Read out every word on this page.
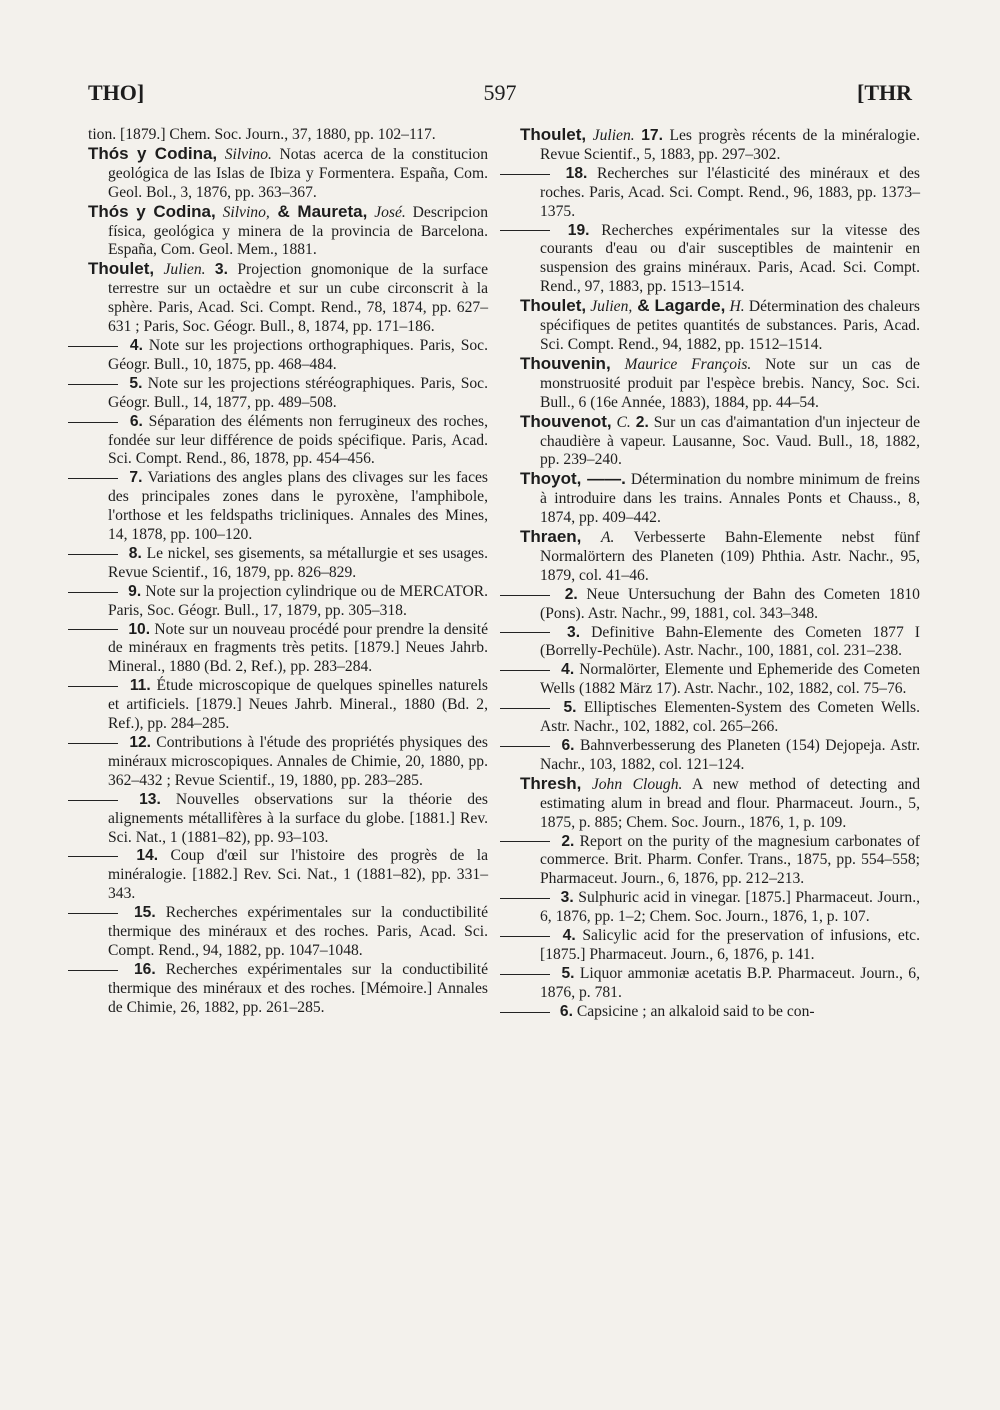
THO]	597	[THR

tion. [1879.] Chem. Soc. Journ., 37, 1880, pp. 102–117.

Thós y Codina, Silvino. Notas acerca de la constitucion geológica de las Islas de Ibiza y Formentera. España, Com. Geol. Bol., 3, 1876, pp. 363–367.

Thós y Codina, Silvino, & Maureta, José. Descripcion física, geológica y minera de la provincia de Barcelona. España, Com. Geol. Mem., 1881.

Thoulet, Julien. 3. Projection gnomonique de la surface terrestre sur un octaèdre et sur un cube circonscrit à la sphère. Paris, Acad. Sci. Compt. Rend., 78, 1874, pp. 627–631 ; Paris, Soc. Géogr. Bull., 8, 1874, pp. 171–186.

4. Note sur les projections orthographiques. Paris, Soc. Géogr. Bull., 10, 1875, pp. 468–484.

5. Note sur les projections stéréographiques. Paris, Soc. Géogr. Bull., 14, 1877, pp. 489–508.

6. Séparation des éléments non ferrugineux des roches, fondée sur leur différence de poids spécifique. Paris, Acad. Sci. Compt. Rend., 86, 1878, pp. 454–456.

7. Variations des angles plans des clivages sur les faces des principales zones dans le pyroxène, l'amphibole, l'orthose et les feldspaths tricliniques. Annales des Mines, 14, 1878, pp. 100–120.

8. Le nickel, ses gisements, sa métallurgie et ses usages. Revue Scientif., 16, 1879, pp. 826–829.

9. Note sur la projection cylindrique ou de MERCATOR. Paris, Soc. Géogr. Bull., 17, 1879, pp. 305–318.

10. Note sur un nouveau procédé pour prendre la densité de minéraux en fragments très petits. [1879.] Neues Jahrb. Mineral., 1880 (Bd. 2, Ref.), pp. 283–284.

11. Étude microscopique de quelques spinelles naturels et artificiels. [1879.] Neues Jahrb. Mineral., 1880 (Bd. 2, Ref.), pp. 284–285.

12. Contributions à l'étude des propriétés physiques des minéraux microscopiques. Annales de Chimie, 20, 1880, pp. 362–432 ; Revue Scientif., 19, 1880, pp. 283–285.

13. Nouvelles observations sur la théorie des alignements métallifères à la surface du globe. [1881.] Rev. Sci. Nat., 1 (1881–82), pp. 93–103.

14. Coup d'œil sur l'histoire des progrès de la minéralogie. [1882.] Rev. Sci. Nat., 1 (1881–82), pp. 331–343.

15. Recherches expérimentales sur la conductibilité thermique des minéraux et des roches. Paris, Acad. Sci. Compt. Rend., 94, 1882, pp. 1047–1048.

16. Recherches expérimentales sur la conductibilité thermique des minéraux et des roches. [Mémoire.] Annales de Chimie, 26, 1882, pp. 261–285.

Thoulet, Julien. 17. Les progrès récents de la minéralogie. Revue Scientif., 5, 1883, pp. 297–302.

18. Recherches sur l'élasticité des minéraux et des roches. Paris, Acad. Sci. Compt. Rend., 96, 1883, pp. 1373–1375.

19. Recherches expérimentales sur la vitesse des courants d'eau ou d'air susceptibles de maintenir en suspension des grains minéraux. Paris, Acad. Sci. Compt. Rend., 97, 1883, pp. 1513–1514.

Thoulet, Julien, & Lagarde, H. Détermination des chaleurs spécifiques de petites quantités de substances. Paris, Acad. Sci. Compt. Rend., 94, 1882, pp. 1512–1514.

Thouvenin, Maurice François. Note sur un cas de monstruosité produit par l'espèce brebis. Nancy, Soc. Sci. Bull., 6 (16e Année, 1883), 1884, pp. 44–54.

Thouvenot, C. 2. Sur un cas d'aimantation d'un injecteur de chaudière à vapeur. Lausanne, Soc. Vaud. Bull., 18, 1882, pp. 239–240.

Thoyot, ——. Détermination du nombre minimum de freins à introduire dans les trains. Annales Ponts et Chauss., 8, 1874, pp. 409–442.

Thraen, A. Verbesserte Bahn-Elemente nebst fünf Normalörtern des Planeten (109) Phthia. Astr. Nachr., 95, 1879, col. 41–46.

2. Neue Untersuchung der Bahn des Cometen 1810 (Pons). Astr. Nachr., 99, 1881, col. 343–348.

3. Definitive Bahn-Elemente des Cometen 1877 I (Borrelly-Pechüle). Astr. Nachr., 100, 1881, col. 231–238.

4. Normalörter, Elemente und Ephemeride des Cometen Wells (1882 März 17). Astr. Nachr., 102, 1882, col. 75–76.

5. Elliptisches Elementen-System des Cometen Wells. Astr. Nachr., 102, 1882, col. 265–266.

6. Bahnverbesserung des Planeten (154) Dejopeja. Astr. Nachr., 103, 1882, col. 121–124.

Thresh, John Clough. A new method of detecting and estimating alum in bread and flour. Pharmaceut. Journ., 5, 1875, p. 885; Chem. Soc. Journ., 1876, 1, p. 109.

2. Report on the purity of the magnesium carbonates of commerce. Brit. Pharm. Confer. Trans., 1875, pp. 554–558; Pharmaceut. Journ., 6, 1876, pp. 212–213.

3. Sulphuric acid in vinegar. [1875.] Pharmaceut. Journ., 6, 1876, pp. 1–2; Chem. Soc. Journ., 1876, 1, p. 107.

4. Salicylic acid for the preservation of infusions, etc. [1875.] Pharmaceut. Journ., 6, 1876, p. 141.

5. Liquor ammoniæ acetatis B.P. Pharmaceut. Journ., 6, 1876, p. 781.

6. Capsicine ; an alkaloid said to be con-
